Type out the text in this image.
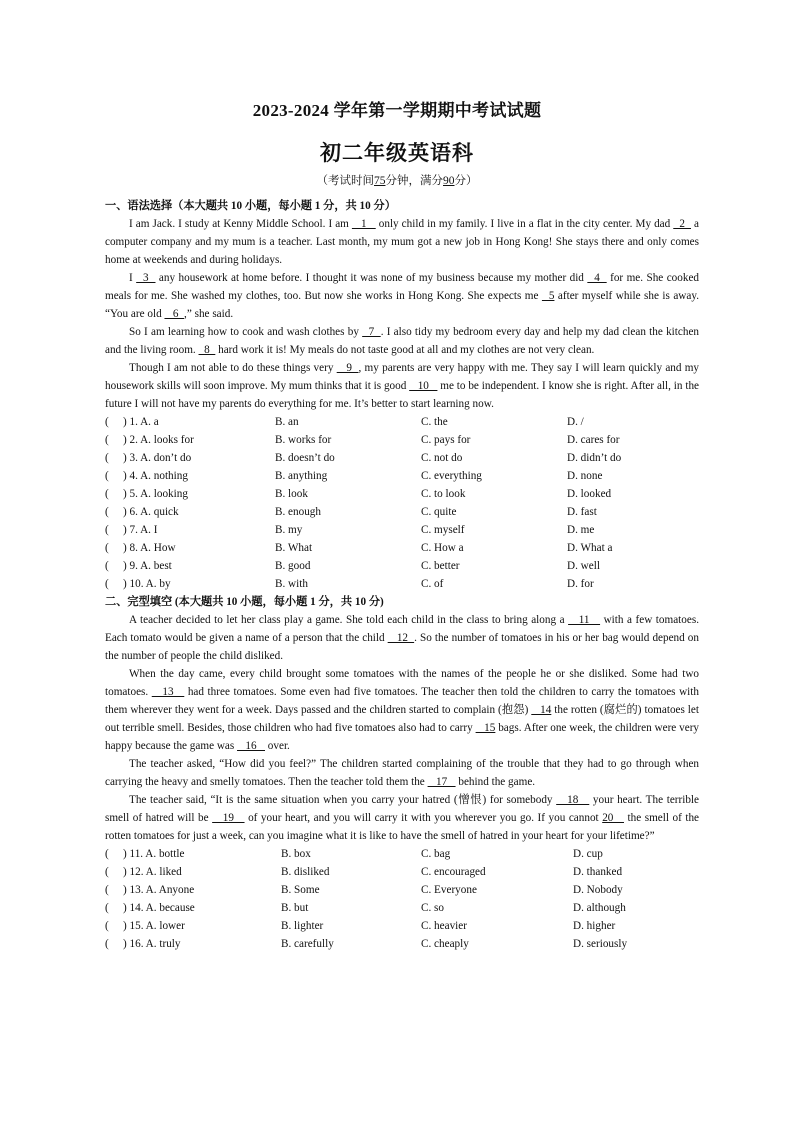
2023-2024 学年第一学期期中考试试题
初二年级英语科
（考试时间75分钟，满分90分）
一、语法选择（本大题共 10 小题，每小题 1 分，共 10 分）

I am Jack. I study at Kenny Middle School. I am    1    only child in my family. I live in a flat in the city center. My dad   2   a computer company and my mum is a teacher. Last month, my mum got a new job in Hong Kong! She stays there and only comes home at weekends and during holidays.

I   3   any housework at home before. I thought it was none of my business because my mother did   4   for me. She cooked meals for me. She washed my clothes, too. But now she works in Hong Kong. She expects me   5 after myself while she is away. “You are old    6  ,” she said.

So I am learning how to cook and wash clothes by   7  . I also tidy my bedroom every day and help my dad clean the kitchen and the living room.   8   hard work it is! My meals do not taste good at all and my clothes are not very clean.

Though I am not able to do these things very    9  , my parents are very happy with me. They say I will learn quickly and my housework skills will soon improve. My mum thinks that it is good    10    me to be independent. I know she is right. After all, in the future I will not have my parents do everything for me. It’s better to start learning now.

(	) 1. A. a	B. an	C. the	D. /
(	) 2. A. looks for	B. works for	C. pays for	D. cares for
(	) 3. A. don’t do	B. doesn’t do	C. not do	D. didn’t do
(	) 4. A. nothing	B. anything	C. everything	D. none
(	) 5. A. looking	B. look	C. to look	D. looked
(	) 6. A. quick	B. enough	C. quite	D. fast
(	) 7. A. I	B. my	C. myself	D. me
(	) 8. A. How	B. What	C. How a	D. What a
(	) 9. A. best	B. good	C. better	D. well
(	) 10. A. by	B. with	C. of	D. for
二、完型填空 (本大题共 10 小题，每小题 1 分，共 10 分)

A teacher decided to let her class play a game. She told each child in the class to bring along a    11    with a few tomatoes. Each tomato would be given a name of a person that the child    12  . So the number of tomatoes in his or her bag would depend on the number of people the child disliked.

When the day came, every child brought some tomatoes with the names of the people he or she disliked. Some had two tomatoes.    13    had three tomatoes. Some even had five tomatoes. The teacher then told the children to carry the tomatoes with them wherever they went for a week. Days passed and the children started to complain (抱怨)    14 the rotten (腐烂的) tomatoes let out terrible smell. Besides, those children who had five tomatoes also had to carry    15 bags. After one week, the children were very happy because the game was    16    over.

The teacher asked, “How did you feel?” The children started complaining of the trouble that they had to go through when carrying the heavy and smelly tomatoes. Then the teacher told them the    17    behind the game.

The teacher said, “It is the same situation when you carry your hatred (憎恨) for somebody    18    your heart. The terrible smell of hatred will be    19    of your heart, and you will carry it with you wherever you go. If you cannot 20    the smell of the rotten tomatoes for just a week, can you imagine what it is like to have the smell of hatred in your heart for your lifetime?”

(	) 11. A. bottle	B. box	C. bag	D. cup
(	) 12. A. liked	B. disliked	C. encouraged	D. thanked
(	) 13. A. Anyone	B. Some	C. Everyone	D. Nobody
(	) 14. A. because	B. but	C. so	D. although
(	) 15. A. lower	B. lighter	C. heavier	D. higher
(	) 16. A. truly	B. carefully	C. cheaply	D. seriously
